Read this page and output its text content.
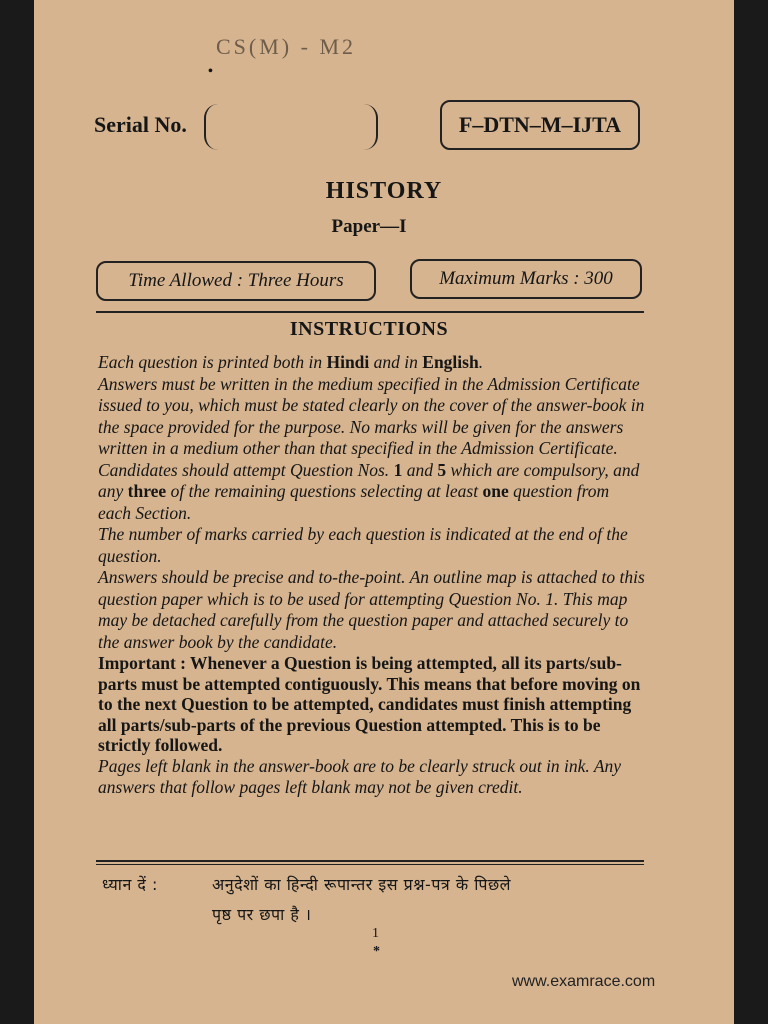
CS(M) - M2
•
Serial No.	F–DTN–M–IJTA
HISTORY
Paper—I
Time Allowed : Three Hours	Maximum Marks : 300
INSTRUCTIONS

Each question is printed both in Hindi and in English.

Answers must be written in the medium specified in the Admission Certificate issued to you, which must be stated clearly on the cover of the answer-book in the space provided for the purpose. No marks will be given for the answers written in a medium other than that specified in the Admission Certificate.

Candidates should attempt Question Nos. 1 and 5 which are compulsory, and any three of the remaining questions selecting at least one question from each Section.

The number of marks carried by each question is indicated at the end of the question.

Answers should be precise and to-the-point. An outline map is attached to this question paper which is to be used for attempting Question No. 1. This map may be detached carefully from the question paper and attached securely to the answer book by the candidate.

Important : Whenever a Question is being attempted, all its parts/sub-parts must be attempted contiguously. This means that before moving on to the next Question to be attempted, candidates must finish attempting all parts/sub-parts of the previous Question attempted. This is to be strictly followed.

Pages left blank in the answer-book are to be clearly struck out in ink. Any answers that follow pages left blank may not be given credit.

ध्यान दें :	अनुदेशों का हिन्दी रूपान्तर इस प्रश्न-पत्र के पिछले
पृष्ठ पर छपा है ।
1
*
www.examrace.com
